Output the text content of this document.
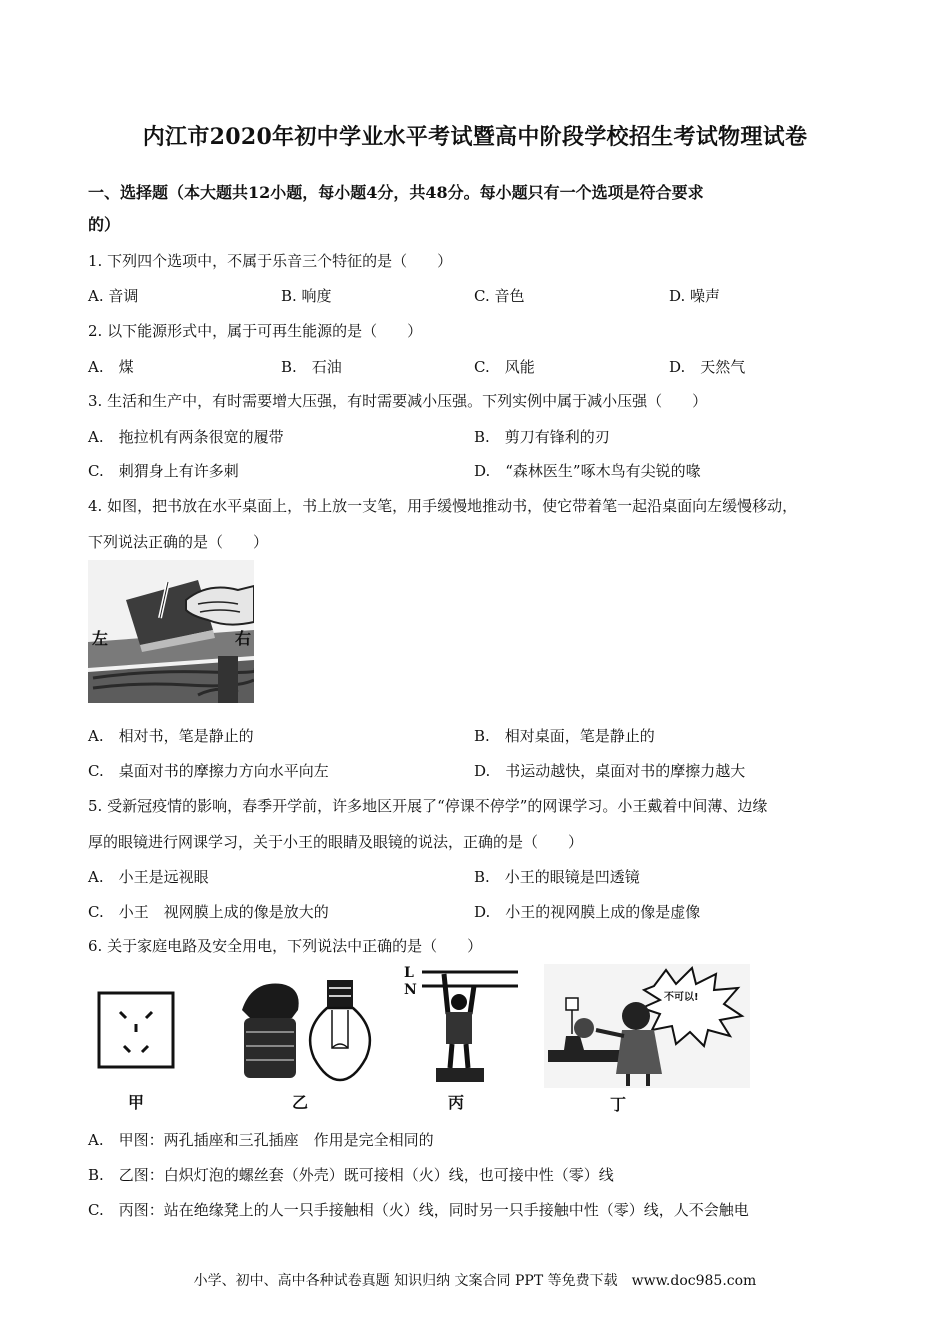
内江市2020年初中学业水平考试暨高中阶段学校招生考试物理试卷
一、选择题（本大题共12小题，每小题4分，共48分。每小题只有一个选项是符合要求
的）
1. 下列四个选项中，不属于乐音三个特征的是（　　）
A. 音调	B. 响度	C. 音色	D. 噪声
2. 以下能源形式中，属于可再生能源的是（　　）
A.　煤	B.　石油	C.　风能	D.　天然气
3. 生活和生产中，有时需要增大压强，有时需要减小压强。下列实例中属于减小压强（　　）
A.　拖拉机有两条很宽的履带	B.　剪刀有锋利的刃
C.　刺猬身上有许多刺	D.　“森林医生”啄木鸟有尖锐的喙
4. 如图，把书放在水平桌面上，书上放一支笔，用手缓慢地推动书，使它带着笔一起沿桌面向左缓慢移动，
下列说法正确的是（　　）
左	右
A.　相对书，笔是静止的	B.　相对桌面，笔是静止的
C.　桌面对书的摩擦力方向水平向左	D.　书运动越快，桌面对书的摩擦力越大
5. 受新冠疫情的影响，春季开学前，许多地区开展了“停课不停学”的网课学习。小王戴着中间薄、边缘
厚的眼镜进行网课学习，关于小王的眼睛及眼镜的说法，正确的是（　　）
A.　小王是远视眼	B.　小王的眼镜是凹透镜
C.　小王　视网膜上成的像是放大的	D.　小王的视网膜上成的像是虚像
6. 关于家庭电路及安全用电，下列说法中正确的是（　　）
甲	乙
L
N
丙
不可以!
丁
A.　甲图：两孔插座和三孔插座　作用是完全相同的
B.　乙图：白炽灯泡的螺丝套（外壳）既可接相（火）线，也可接中性（零）线
C.　丙图：站在绝缘凳上的人一只手接触相（火）线，同时另一只手接触中性（零）线，人不会触电
小学、初中、高中各种试卷真题 知识归纳 文案合同 PPT 等免费下载　www.doc985.com
